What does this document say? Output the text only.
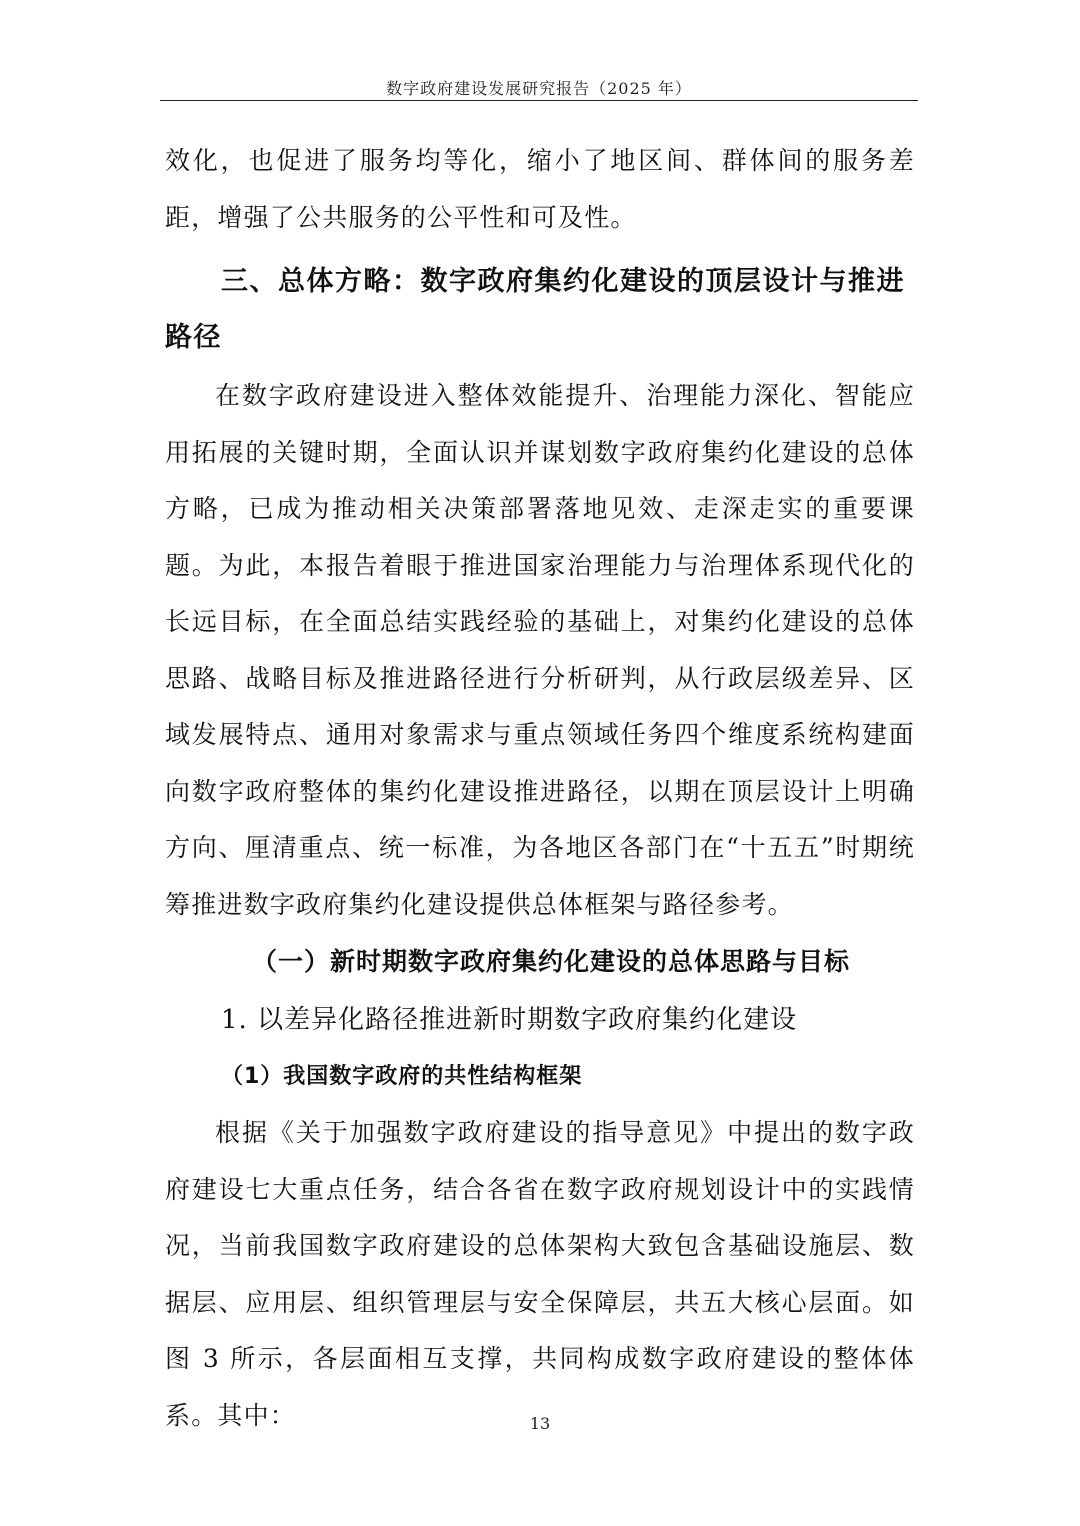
数字政府建设发展研究报告（2025 年）

效化，也促进了服务均等化，缩小了地区间、群体间的服务差距，增强了公共服务的公平性和可及性。

三、总体方略：数字政府集约化建设的顶层设计与推进路径

在数字政府建设进入整体效能提升、治理能力深化、智能应用拓展的关键时期，全面认识并谋划数字政府集约化建设的总体方略，已成为推动相关决策部署落地见效、走深走实的重要课题。为此，本报告着眼于推进国家治理能力与治理体系现代化的长远目标，在全面总结实践经验的基础上，对集约化建设的总体思路、战略目标及推进路径进行分析研判，从行政层级差异、区域发展特点、通用对象需求与重点领域任务四个维度系统构建面向数字政府整体的集约化建设推进路径，以期在顶层设计上明确方向、厘清重点、统一标准，为各地区各部门在“十五五”时期统筹推进数字政府集约化建设提供总体框架与路径参考。

（一）新时期数字政府集约化建设的总体思路与目标
1. 以差异化路径推进新时期数字政府集约化建设
（1）我国数字政府的共性结构框架

根据《关于加强数字政府建设的指导意见》中提出的数字政府建设七大重点任务，结合各省在数字政府规划设计中的实践情况，当前我国数字政府建设的总体架构大致包含基础设施层、数据层、应用层、组织管理层与安全保障层，共五大核心层面。如图 3 所示，各层面相互支撑，共同构成数字政府建设的整体体系。其中：	13
